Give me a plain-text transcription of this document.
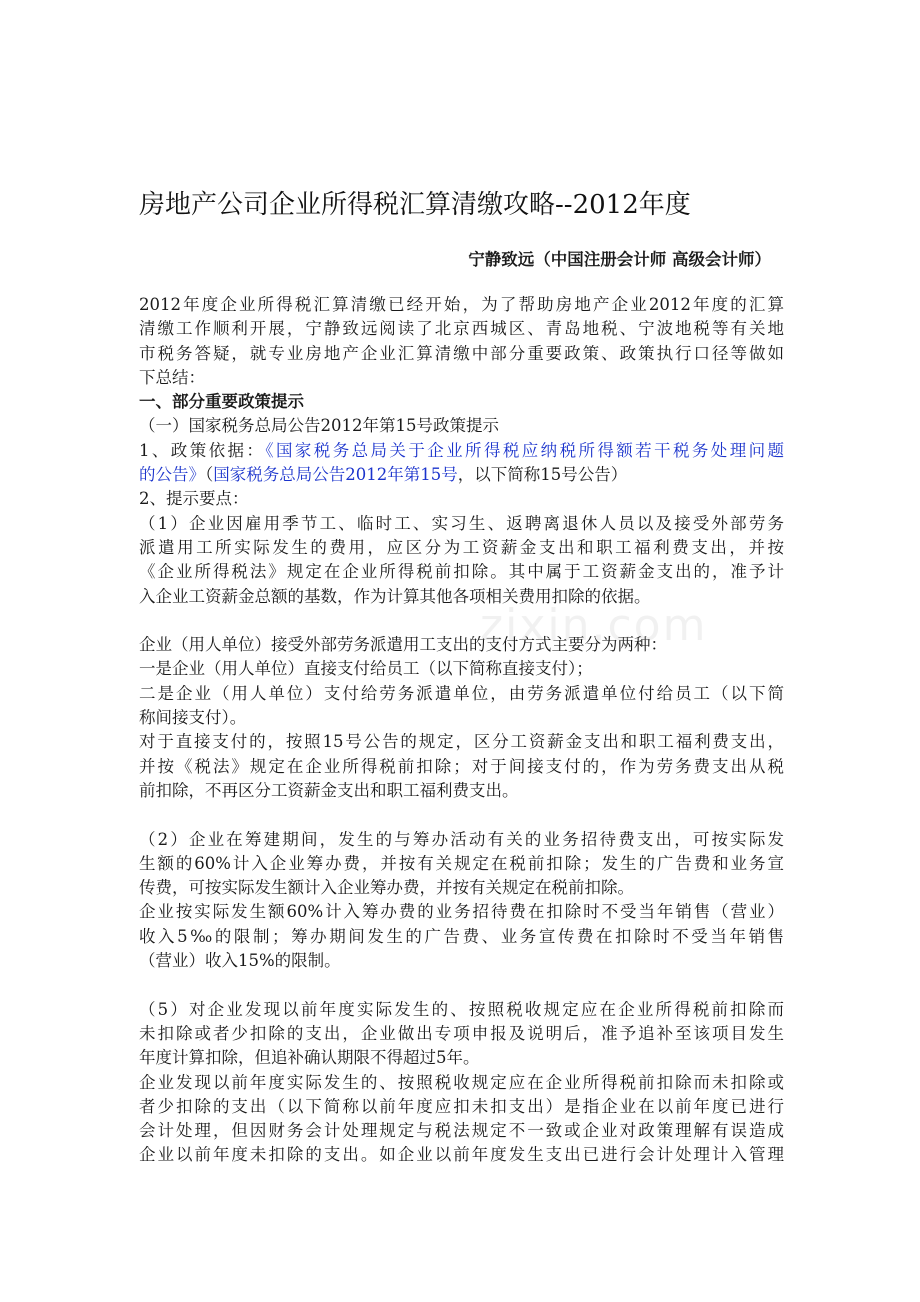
房地产公司企业所得税汇算清缴攻略--2012年度
宁静致远（中国注册会计师 高级会计师）
2012年度企业所得税汇算清缴已经开始，为了帮助房地产企业2012年度的汇算
清缴工作顺利开展，宁静致远阅读了北京西城区、青岛地税、宁波地税等有关地
市税务答疑，就专业房地产企业汇算清缴中部分重要政策、政策执行口径等做如
下总结：
一、部分重要政策提示
（一）国家税务总局公告2012年第15号政策提示
1、政策依据：《国家税务总局关于企业所得税应纳税所得额若干税务处理问题
的公告》（国家税务总局公告2012年第15号，以下简称15号公告）
2、提示要点：
（1）企业因雇用季节工、临时工、实习生、返聘离退休人员以及接受外部劳务
派遣用工所实际发生的费用，应区分为工资薪金支出和职工福利费支出，并按
《企业所得税法》规定在企业所得税前扣除。其中属于工资薪金支出的，准予计
入企业工资薪金总额的基数，作为计算其他各项相关费用扣除的依据。
企业（用人单位）接受外部劳务派遣用工支出的支付方式主要分为两种：
一是企业（用人单位）直接支付给员工（以下简称直接支付）；
二是企业（用人单位）支付给劳务派遣单位，由劳务派遣单位付给员工（以下简
称间接支付）。
对于直接支付的，按照15号公告的规定，区分工资薪金支出和职工福利费支出，
并按《税法》规定在企业所得税前扣除；对于间接支付的，作为劳务费支出从税
前扣除，不再区分工资薪金支出和职工福利费支出。
（2）企业在筹建期间，发生的与筹办活动有关的业务招待费支出，可按实际发
生额的60%计入企业筹办费，并按有关规定在税前扣除；发生的广告费和业务宣
传费，可按实际发生额计入企业筹办费，并按有关规定在税前扣除。
企业按实际发生额60%计入筹办费的业务招待费在扣除时不受当年销售（营业）
收入5‰的限制；筹办期间发生的广告费、业务宣传费在扣除时不受当年销售
（营业）收入15%的限制。
（5）对企业发现以前年度实际发生的、按照税收规定应在企业所得税前扣除而
未扣除或者少扣除的支出，企业做出专项申报及说明后，准予追补至该项目发生
年度计算扣除，但追补确认期限不得超过5年。
企业发现以前年度实际发生的、按照税收规定应在企业所得税前扣除而未扣除或
者少扣除的支出（以下简称以前年度应扣未扣支出）是指企业在以前年度已进行
会计处理，但因财务会计处理规定与税法规定不一致或企业对政策理解有误造成
企业以前年度未扣除的支出。如企业以前年度发生支出已进行会计处理计入管理
zixin.com
